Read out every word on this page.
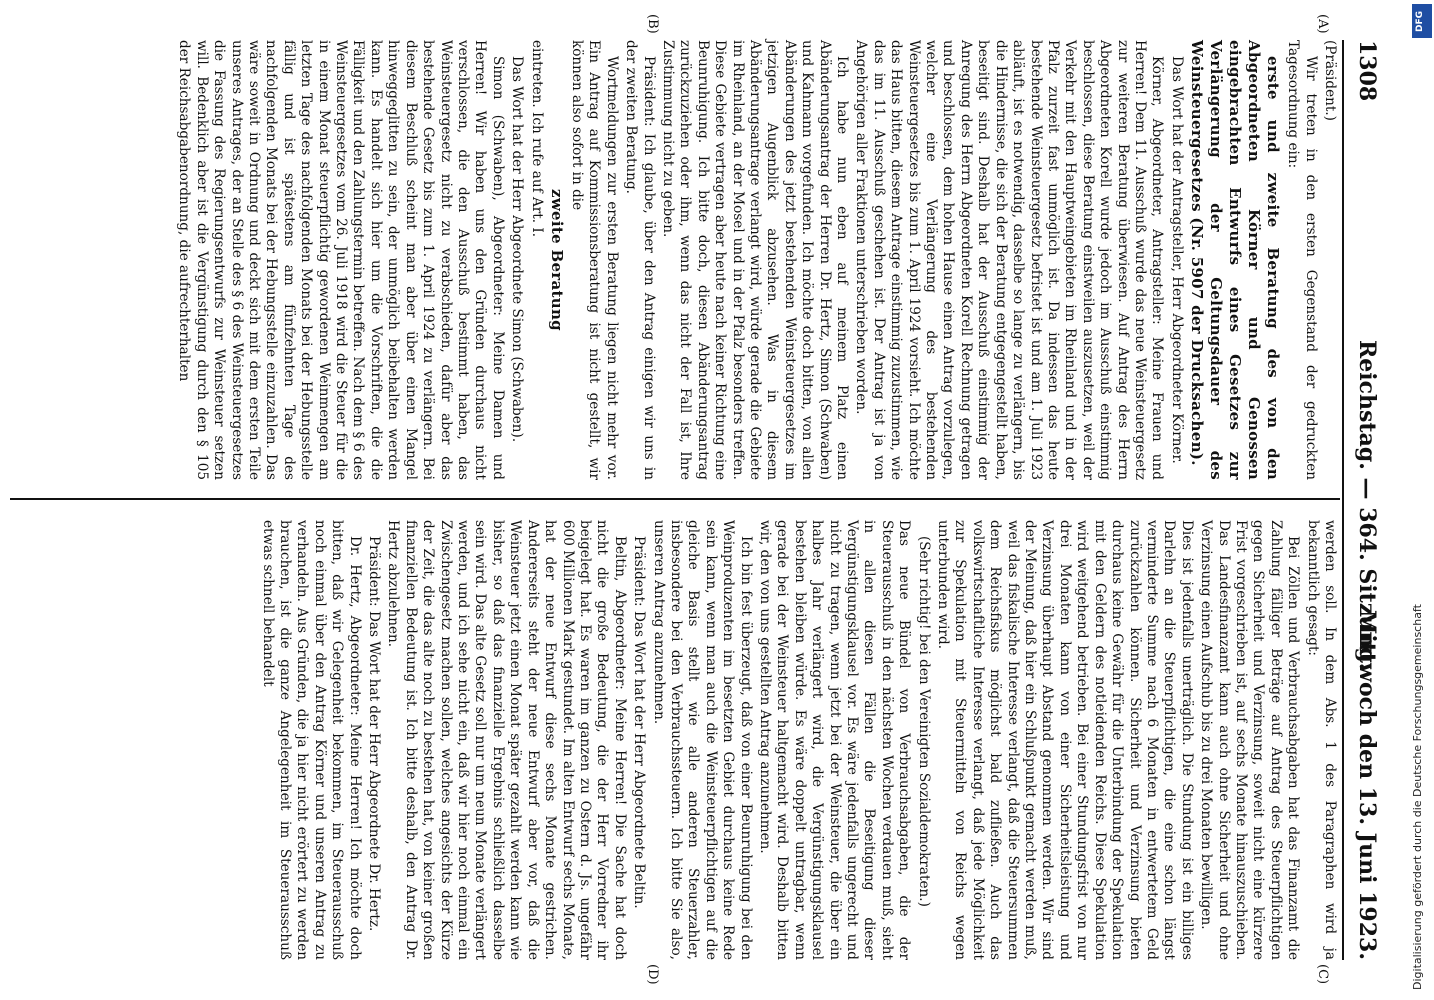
1308
Reichstag. — 364. Sitzung.
Mittwoch den 13. Juni 1923.
(A)
(B)
(C)
(D)

(Präsident.)

Wir treten in den ersten Gegenstand der gedruckten Tagesordnung ein:

erste und zweite Beratung des von den Abgeordneten Körner und Genossen eingebrachten Entwurfs eines Gesetzes zur Verlängerung der Geltungsdauer des Weinsteuergesetzes (Nr. 5907 der Drucksachen).

Das Wort hat der Antragsteller, Herr Abgeordneter Körner.

Körner, Abgeordneter, Antragsteller: Meine Frauen und Herren! Dem 11. Ausschuß wurde das neue Weinsteuergesetz zur weiteren Beratung überwiesen. Auf Antrag des Herrn Abgeordneten Korell wurde jedoch im Ausschuß einstimmig beschlossen, diese Beratung einstweilen auszusetzen, weil der Verkehr mit den Hauptweingebieten im Rheinland und in der Pfalz zurzeit fast unmöglich ist. Da indessen das heute bestehende Weinsteuergesetz befristet ist und am 1. Juli 1923 abläuft, ist es notwendig, dasselbe so lange zu verlängern, bis die Hindernisse, die sich der Beratung entgegengestellt haben, beseitigt sind. Deshalb hat der Ausschuß einstimmig der Anregung des Herrn Abgeordneten Korell Rechnung getragen und beschlossen, dem hohen Hause einen Antrag vorzulegen, welcher eine Verlängerung des bestehenden Weinsteuergesetzes bis zum 1. April 1924 vorsieht. Ich möchte das Haus bitten, diesem Antrage einstimmig zuzustimmen, wie das im 11. Ausschuß geschehen ist. Der Antrag ist ja von Angehörigen aller Fraktionen unterschrieben worden.

Ich habe nun eben auf meinem Platz einen Abänderungsantrag der Herren Dr. Hertz, Simon (Schwaben) und Kahmann vorgefunden. Ich möchte doch bitten, von allen Abänderungen des jetzt bestehenden Weinsteuergesetzes im jetzigen Augenblick abzusehen. Was in diesem Abänderungsantrage verlangt wird, würde gerade die Gebiete im Rheinland, an der Mosel und in der Pfalz besonders treffen. Diese Gebiete vertragen aber heute nach keiner Richtung eine Beunruhigung. Ich bitte doch, diesen Abänderungsantrag zurückzuziehen oder ihm, wenn das nicht der Fall ist, Ihre Zustimmung nicht zu geben.

Präsident: Ich glaube, über den Antrag einigen wir uns in der zweiten Beratung.

Wortmeldungen zur ersten Beratung liegen nicht mehr vor. Ein Antrag auf Kommissionsberatung ist nicht gestellt, wir können also sofort in die

zweite Beratung

eintreten. Ich rufe auf Art. I.

Das Wort hat der Herr Abgeordnete Simon (Schwaben).

Simon (Schwaben), Abgeordneter: Meine Damen und Herren! Wir haben uns den Gründen durchaus nicht verschlossen, die den Ausschuß bestimmt haben, das Weinsteuergesetz nicht zu verabschieden, dafür aber das bestehende Gesetz bis zum 1. April 1924 zu verlängern. Bei diesem Beschluß scheint man aber über einen Mangel hinweggeglitten zu sein, der unmöglich beibehalten werden kann. Es handelt sich hier um die Vorschriften, die die Fälligkeit und den Zahlungstermin betreffen. Nach dem § 6 des Weinsteuergesetzes vom 26. Juli 1918 wird die Steuer für die in einem Monat steuerpflichtig gewordenen Weinmengen am letzten Tage des nachfolgenden Monats bei der Hebungsstelle fällig und ist spätestens am fünfzehnten Tage des nachfolgenden Monats bei der Hebungsstelle einzuzahlen. Das wäre soweit in Ordnung und deckt sich mit dem ersten Teile unseres Antrages, der an Stelle des § 6 des Weinsteuergesetzes die Fassung des Regierungsentwurfs zur Weinsteuer setzen will. Bedenklich aber ist die Vergünstigung durch den § 105 der Reichsabgabenordnung, die aufrechterhalten

werden soll. In dem Abs. 1 des Paragraphen wird ja bekanntlich gesagt:

Bei Zöllen und Verbrauchsabgaben hat das Finanzamt die Zahlung fälliger Beträge auf Antrag des Steuerpflichtigen gegen Sicherheit und Verzinsung, soweit nicht eine kürzere Frist vorgeschrieben ist, auf sechs Monate hinauszuschieben. Das Landesfinanzamt kann auch ohne Sicherheit und ohne Verzinsung einen Aufschub bis zu drei Monaten bewilligen.

Dies ist jedenfalls unerträglich. Die Stundung ist ein billiges Darlehn an die Steuerpflichtigen, die eine schon längst verminderte Summe nach 6 Monaten in entwertetem Geld zurückzahlen können. Sicherheit und Verzinsung bieten durchaus keine Gewähr für die Unterbindung der Spekulation mit den Geldern des notleidenden Reichs. Diese Spekulation wird weitgehend betrieben. Bei einer Stundungsfrist von nur drei Monaten kann von einer Sicherheitsleistung und Verzinsung überhaupt Abstand genommen werden. Wir sind der Meinung, daß hier ein Schlußpunkt gemacht werden muß, weil das fiskalische Interesse verlangt, daß die Steuersummen dem Reichsfiskus möglichst bald zufließen. Auch das volkswirtschaftliche Interesse verlangt, daß jede Möglichkeit zur Spekulation mit Steuermitteln von Reichs wegen unterbunden wird.

(Sehr richtig! bei den Vereinigten Sozialdemokraten.)

Das neue Bündel von Verbrauchsabgaben, die der Steuerausschuß in den nächsten Wochen verdauen muß, sieht in allen diesen Fällen die Beseitigung dieser Vergünstigungsklausel vor. Es wäre jedenfalls ungerecht und nicht zu tragen, wenn jetzt bei der Weinsteuer, die über ein halbes Jahr verlängert wird, die Vergünstigungsklausel bestehen bleiben würde. Es wäre doppelt untragbar, wenn gerade bei der Weinsteuer haltgemacht wird. Deshalb bitten wir, den von uns gestellten Antrag anzunehmen.

Ich bin fest überzeugt, daß von einer Beunruhigung bei den Weinproduzenten im besetzten Gebiet durchaus keine Rede sein kann, wenn man auch die Weinsteuerpflichtigen auf die gleiche Basis stellt wie alle anderen Steuerzahler, insbesondere bei den Verbrauchssteuern. Ich bitte Sie also, unseren Antrag anzunehmen.

Präsident: Das Wort hat der Herr Abgeordnete Beltin.

Beltin, Abgeordneter: Meine Herren! Die Sache hat doch nicht die große Bedeutung, die der Herr Vorredner ihr beigelegt hat. Es waren im ganzen zu Ostern d. Js. ungefähr 600 Millionen Mark gestundet. Im alten Entwurf sechs Monate, hat der neue Entwurf diese sechs Monate gestrichen. Andererseits steht der neue Entwurf aber vor, daß die Weinsteuer jetzt einen Monat später gezahlt werden kann wie bisher, so daß das finanzielle Ergebnis schließlich dasselbe sein wird. Das alte Gesetz soll nur um neun Monate verlängert werden, und ich sehe nicht ein, daß wir hier noch einmal ein Zwischengesetz machen sollen, welches angesichts der Kürze der Zeit, die das alte noch zu bestehen hat, von keiner großen finanziellen Bedeutung ist. Ich bitte deshalb, den Antrag Dr. Hertz abzulehnen.

Präsident: Das Wort hat der Herr Abgeordnete Dr. Hertz.

Dr. Hertz, Abgeordneter: Meine Herren! Ich möchte doch bitten, daß wir Gelegenheit bekommen, im Steuerausschuß noch einmal über den Antrag Körner und unseren Antrag zu verhandeln. Aus Gründen, die ja hier nicht erörtert zu werden brauchen, ist die ganze Angelegenheit im Steuerausschuß etwas schnell behandelt

DFG
Digitalisierung gefördert durch die Deutsche Forschungsgemeinschaft
